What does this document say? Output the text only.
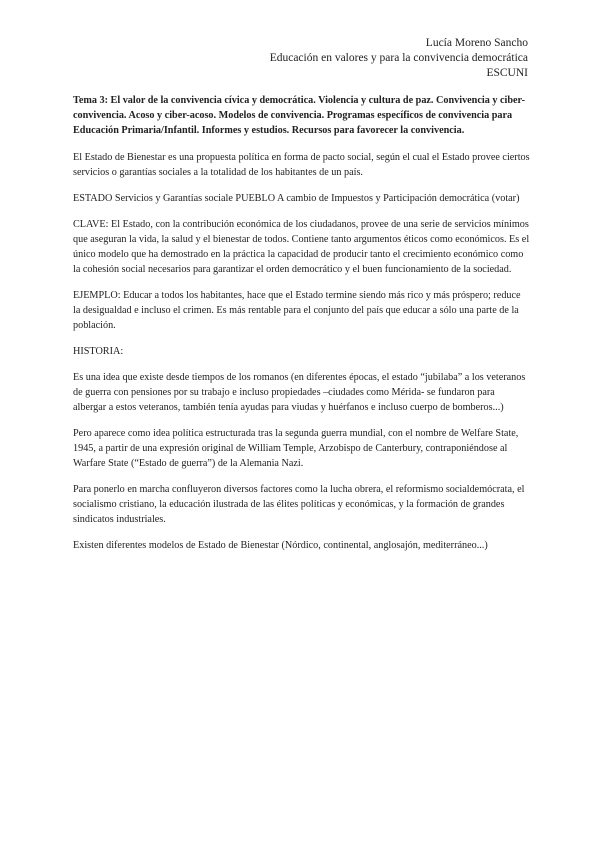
Lucía Moreno Sancho
Educación en valores y para la convivencia democrática
ESCUNI

Tema 3: El valor de la convivencia cívica y democrática. Violencia y cultura de paz. Convivencia y ciber-convivencia. Acoso y ciber-acoso. Modelos de convivencia. Programas específicos de convivencia para Educación Primaria/Infantil. Informes y estudios. Recursos para favorecer la convivencia.

El Estado de Bienestar es una propuesta política en forma de pacto social, según el cual el Estado provee ciertos servicios o garantías sociales a la totalidad de los habitantes de un país.

ESTADO Servicios y Garantías sociale PUEBLO A cambio de Impuestos y Participación democrática (votar)

CLAVE: El Estado, con la contribución económica de los ciudadanos, provee de una serie de servicios mínimos que aseguran la vida, la salud y el bienestar de todos. Contiene tanto argumentos éticos como económicos. Es el único modelo que ha demostrado en la práctica la capacidad de producir tanto el crecimiento económico como la cohesión social necesarios para garantizar el orden democrático y el buen funcionamiento de la sociedad.

EJEMPLO: Educar a todos los habitantes, hace que el Estado termine siendo más rico y más próspero; reduce la desigualdad e incluso el crimen. Es más rentable para el conjunto del país que educar a sólo una parte de la población.

HISTORIA:

Es una idea que existe desde tiempos de los romanos (en diferentes épocas, el estado “jubilaba” a los veteranos de guerra con pensiones por su trabajo e incluso propiedades –ciudades como Mérida- se fundaron para albergar a estos veteranos, también tenía ayudas para viudas y huérfanos e incluso cuerpo de bomberos...)

Pero aparece como idea política estructurada tras la segunda guerra mundial, con el nombre de Welfare State, 1945, a partir de una expresión original de William Temple, Arzobispo de Canterbury, contraponiéndose al Warfare State (“Estado de guerra”) de la Alemania Nazi.

Para ponerlo en marcha confluyeron diversos factores como la lucha obrera, el reformismo socialdemócrata, el socialismo cristiano, la educación ilustrada de las élites políticas y económicas, y la formación de grandes sindicatos industriales.

Existen diferentes modelos de Estado de Bienestar (Nórdico, continental, anglosajón, mediterráneo...)
